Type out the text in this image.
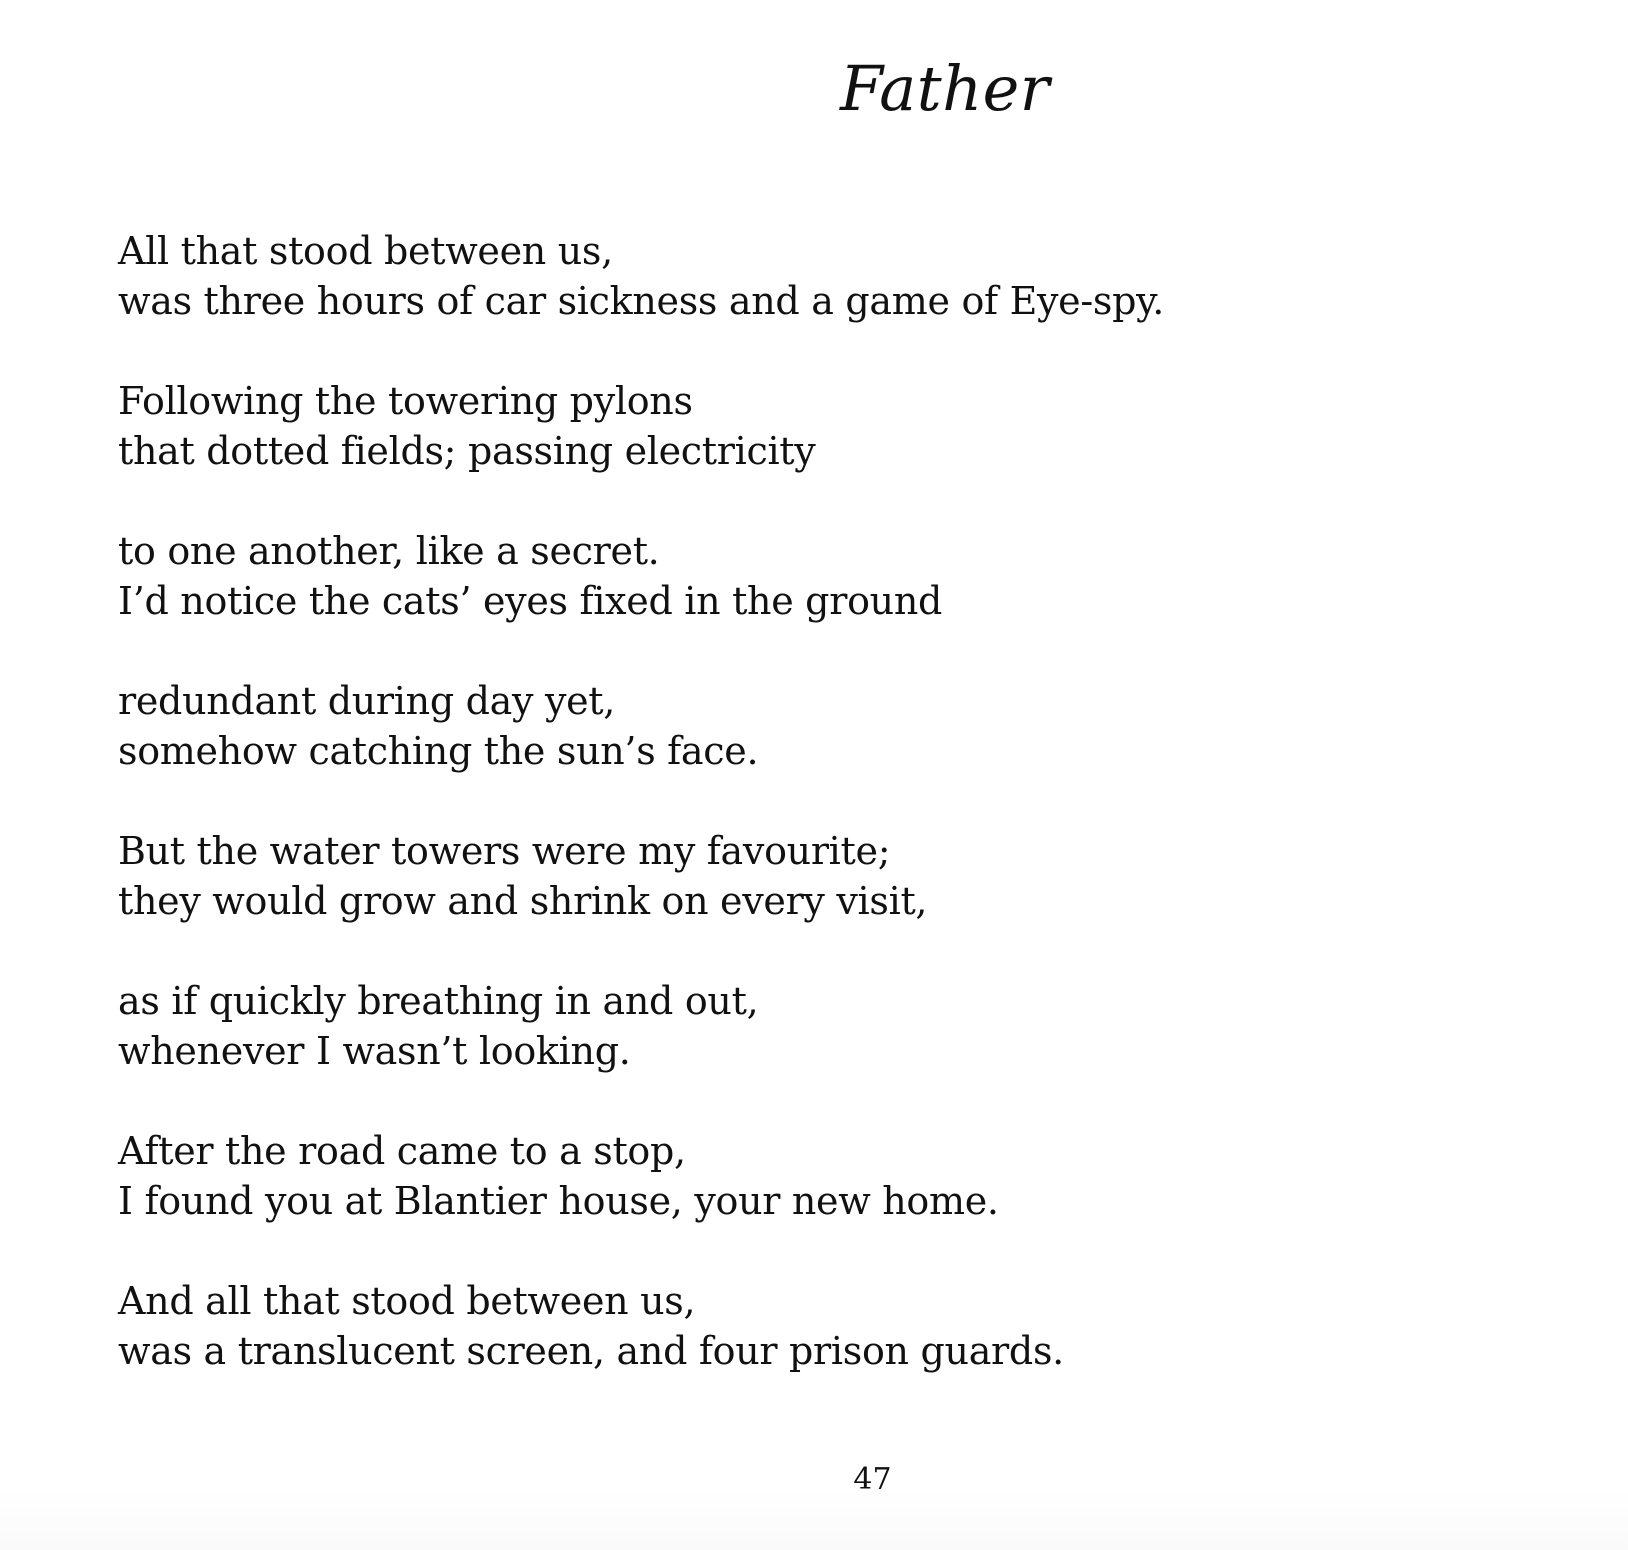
Father

All that stood between us,
was three hours of car sickness and a game of Eye-spy.

Following the towering pylons
that dotted fields; passing electricity

to one another, like a secret.
I’d notice the cats’ eyes fixed in the ground

redundant during day yet,
somehow catching the sun’s face.

But the water towers were my favourite;
they would grow and shrink on every visit,

as if quickly breathing in and out,
whenever I wasn’t looking.

After the road came to a stop,
I found you at Blantier house, your new home.

And all that stood between us,
was a translucent screen, and four prison guards.

47
